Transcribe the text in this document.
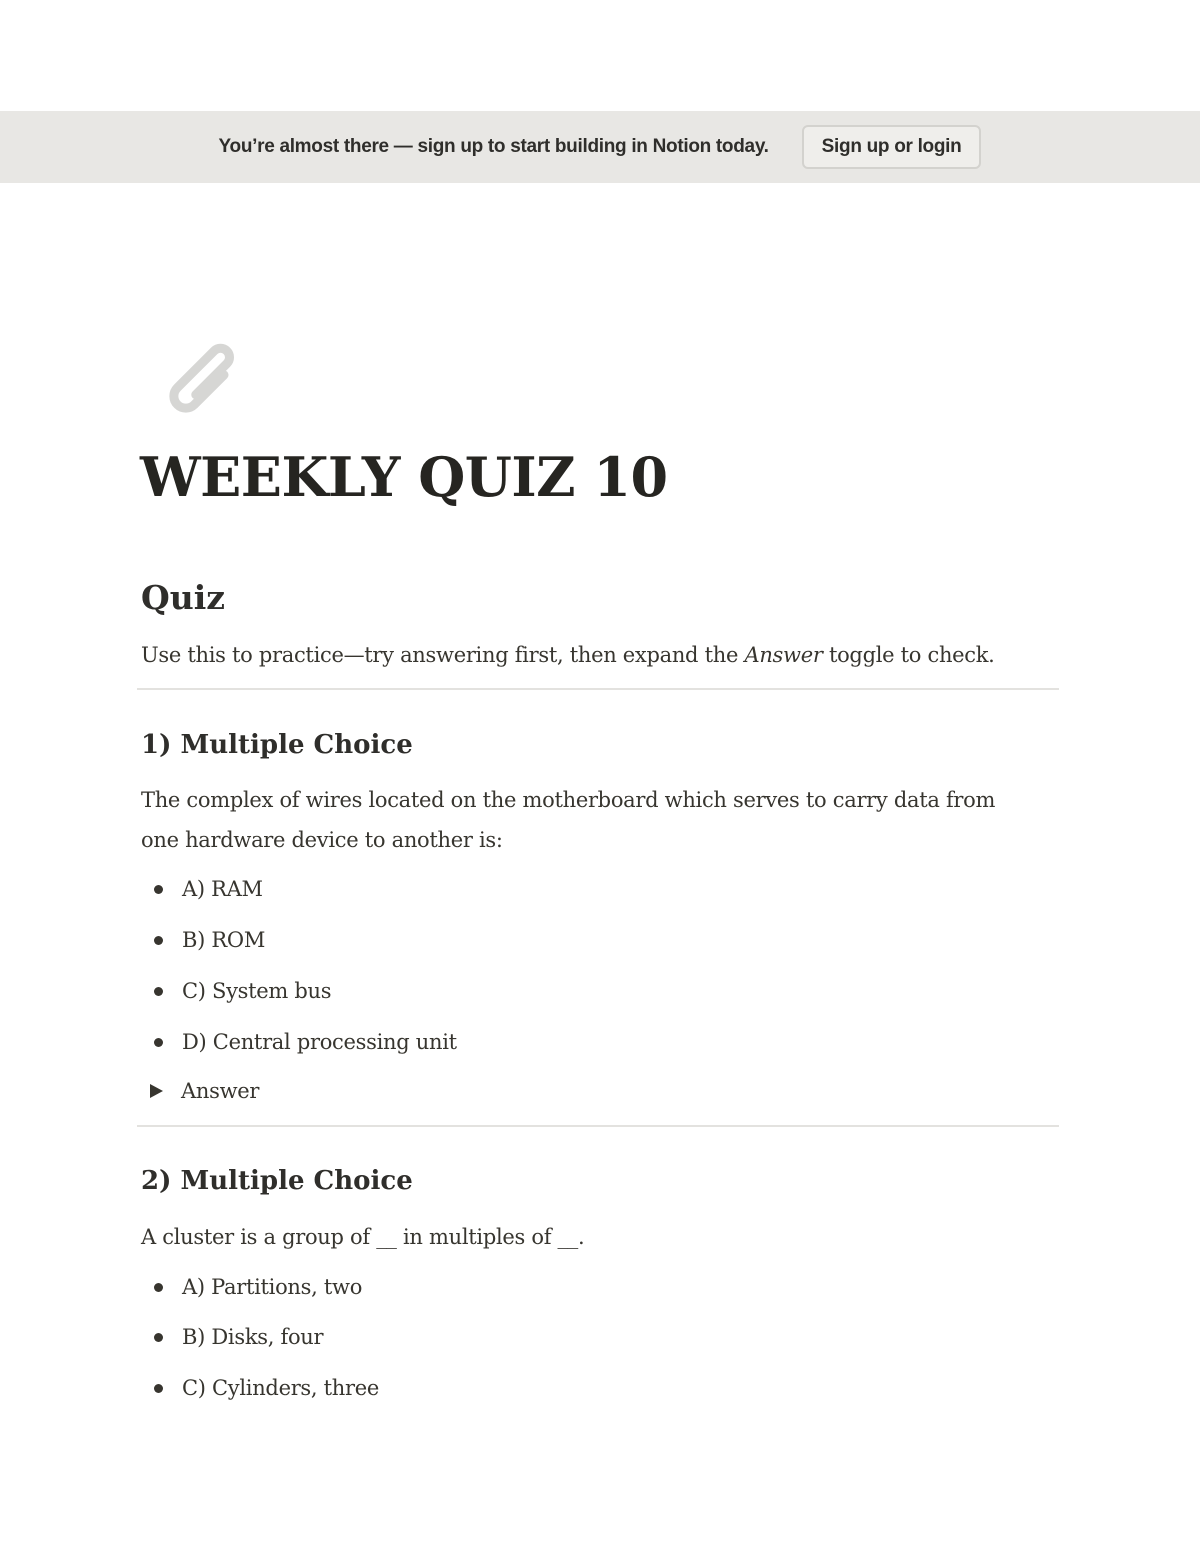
You’re almost there — sign up to start building in Notion today.	Sign up or login
WEEKLY QUIZ 10
Quiz

Use this to practice—try answering first, then expand the Answer toggle to check.

1) Multiple Choice

The complex of wires located on the motherboard which serves to carry data from

one hardware device to another is:

A) RAM
B) ROM
C) System bus
D) Central processing unit
Answer
2) Multiple Choice

A cluster is a group of __ in multiples of __.

A) Partitions, two
B) Disks, four
C) Cylinders, three
